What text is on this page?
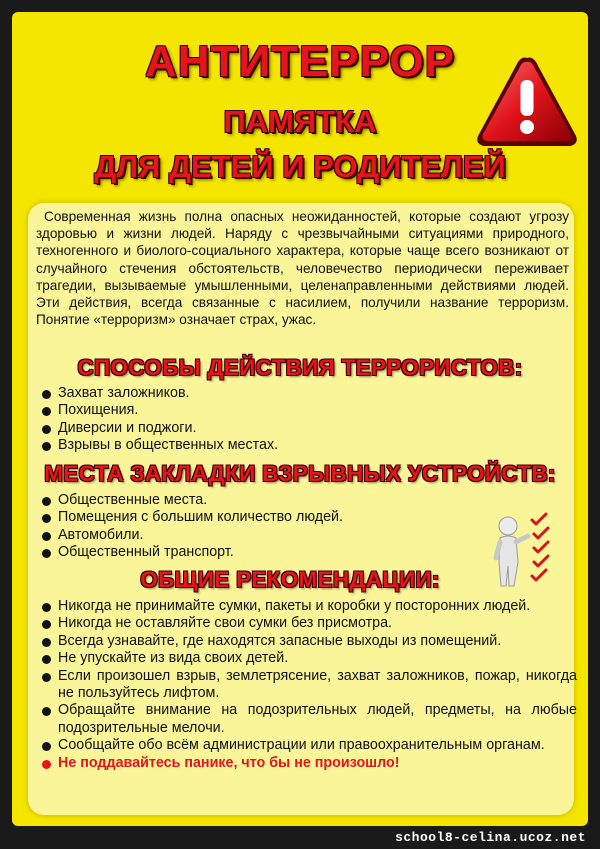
АНТИТЕРРОР
ПАМЯТКА
ДЛЯ ДЕТЕЙ И РОДИТЕЛЕЙ

Современная жизнь полна опасных неожиданностей, которые создают угрозу здоровью и жизни людей. Наряду с чрезвычайными ситуациями природного, техногенного и биолого-социального характера, которые чаще всего возникают от случайного стечения обстоятельств, человечество периодически переживает трагедии, вызываемые умышленными, целенаправленными действиями людей. Эти действия, всегда связанные с насилием, получили название терроризм. Понятие «терроризм» означает страх, ужас.

СПОСОБЫ ДЕЙСТВИЯ ТЕРРОРИСТОВ:
Захват заложников.
Похищения.
Диверсии и поджоги.
Взрывы в общественных местах.
МЕСТА ЗАКЛАДКИ ВЗРЫВНЫХ УСТРОЙСТВ:
Общественные места.
Помещения с большим количество людей.
Автомобили.
Общественный транспорт.
ОБЩИЕ РЕКОМЕНДАЦИИ:
Никогда не принимайте сумки, пакеты и коробки у посторонних людей.
Никогда не оставляйте свои сумки без присмотра.
Всегда узнавайте, где находятся запасные выходы из помещений.
Не упускайте из вида своих детей.
Если произошел взрыв, землетрясение, захват заложников, пожар, никогда не пользуйтесь лифтом.
Обращайте внимание на подозрительных людей, предметы, на любые подозрительные мелочи.
Сообщайте обо всём администрации или правоохранительным органам.
Не поддавайтесь панике, что бы не произошло!
school8-celina.ucoz.net
